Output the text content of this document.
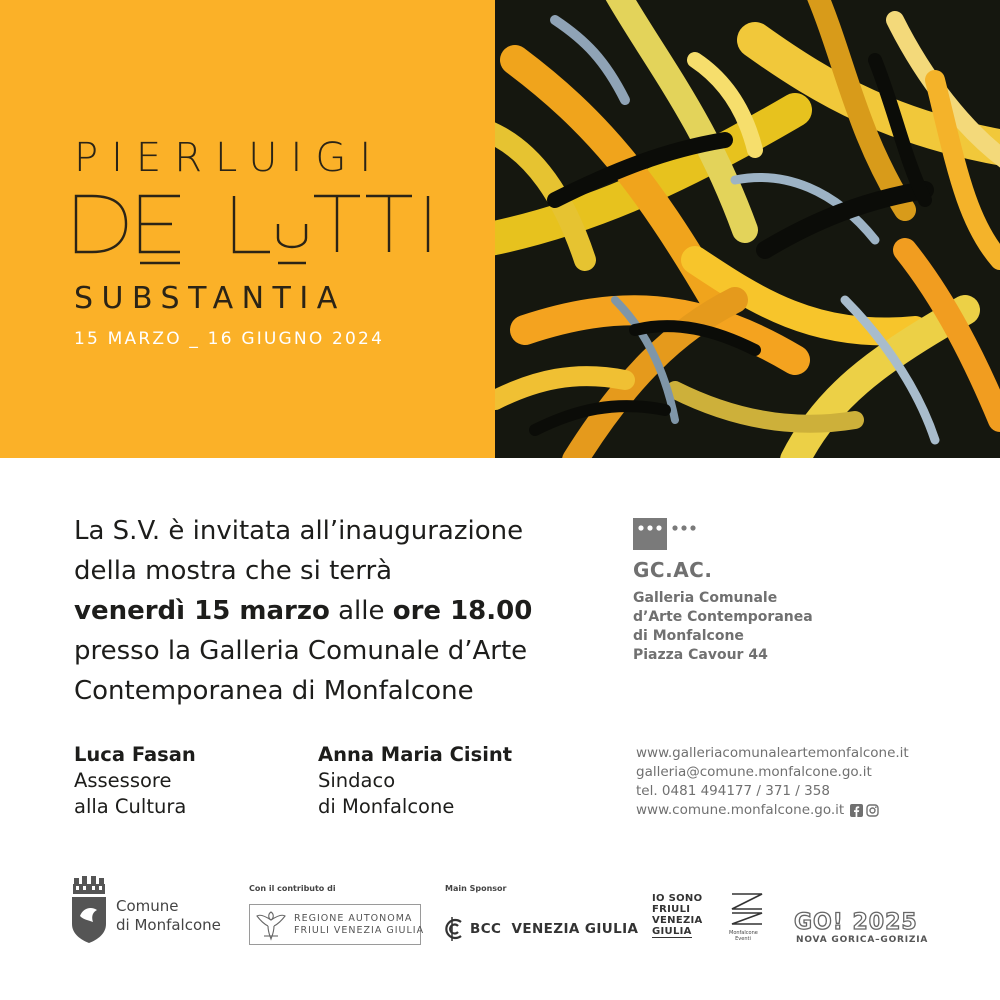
PIERLUIGI
SUBSTANTIA
15 MARZO _ 16 GIUGNO 2024
La S.V. è invitata all’inaugurazione
della mostra che si terrà
venerdì 15 marzo alle ore 18.00
presso la Galleria Comunale d’Arte
Contemporanea di Monfalcone
GC.AC.
Galleria Comunale
d’Arte Contemporanea
di Monfalcone
Piazza Cavour 44
Luca Fasan
Assessore
alla Cultura
Anna Maria Cisint
Sindaco
di Monfalcone
www.galleriacomunaleartemonfalcone.it
galleria@comune.monfalcone.go.it
tel. 0481 494177 / 371 / 358
www.comune.monfalcone.go.it
Comune
di Monfalcone
Con il contributo di
REGIONE AUTONOMA
FRIULI VENEZIA GIULIA
Main Sponsor
BCC  VENEZIA GIULIA
IO SONO
FRIULI
VENEZIA
GIULIA	Monfalcone
Eventi
GO! 2025
NOVA GORICA–GORIZIA
